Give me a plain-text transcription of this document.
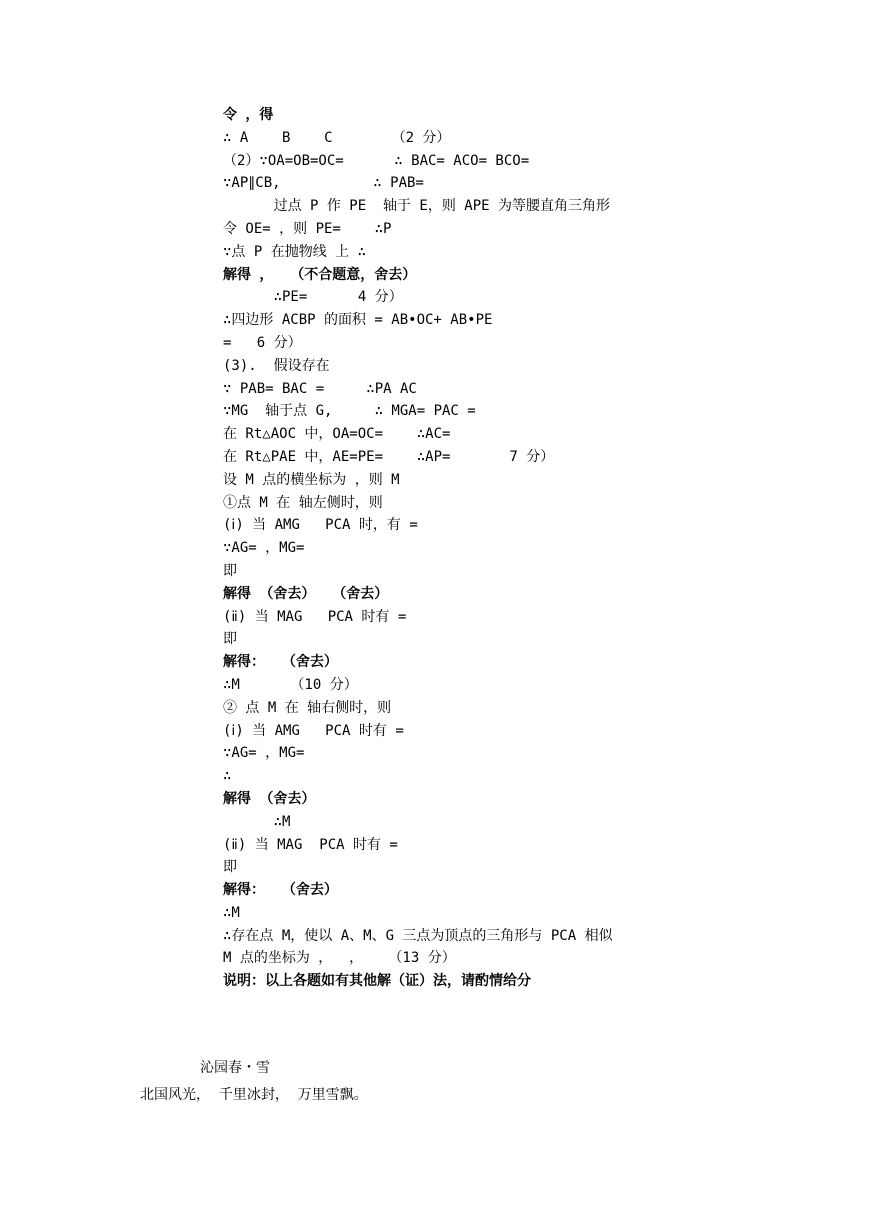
令 ，得
∴ A    B    C       （2 分）
（2）∵OA=OB=OC=      ∴ BAC= ACO= BCO=
∵AP∥CB,           ∴ PAB=
过点 P 作 PE  轴于 E，则 APE 为等腰直角三角形
令 OE= ，则 PE=    ∴P
∵点 P 在抛物线 上 ∴
解得 ，  （不合题意，舍去）
∴PE=      4 分）
∴四边形 ACBP 的面积 = AB•OC+ AB•PE
=   6 分）
(3).  假设存在
∵ PAB= BAC =     ∴PA AC
∵MG  轴于点 G,     ∴ MGA= PAC =
在 Rt△AOC 中，OA=OC=    ∴AC=
在 Rt△PAE 中，AE=PE=    ∴AP=       7 分）
设 M 点的横坐标为 ，则 M
①点 M 在 轴左侧时，则
(ⅰ) 当 AMG   PCA 时，有 =
∵AG= ，MG=
即
解得 （舍去）  （舍去）
(ⅱ) 当 MAG   PCA 时有 =
即
解得：  （舍去）
∴M      （10 分）
② 点 M 在 轴右侧时，则
(ⅰ) 当 AMG   PCA 时有 =
∵AG= ，MG=
∴
解得 （舍去）
∴M
(ⅱ) 当 MAG  PCA 时有 =
即
解得：  （舍去）
∴M
∴存在点 M，使以 A、M、G 三点为顶点的三角形与 PCA 相似
M 点的坐标为 ，  ，   （13 分）
说明：以上各题如有其他解（证）法，请酌情给分
沁园春・雪
北国风光，  千里冰封，  万里雪飘。
